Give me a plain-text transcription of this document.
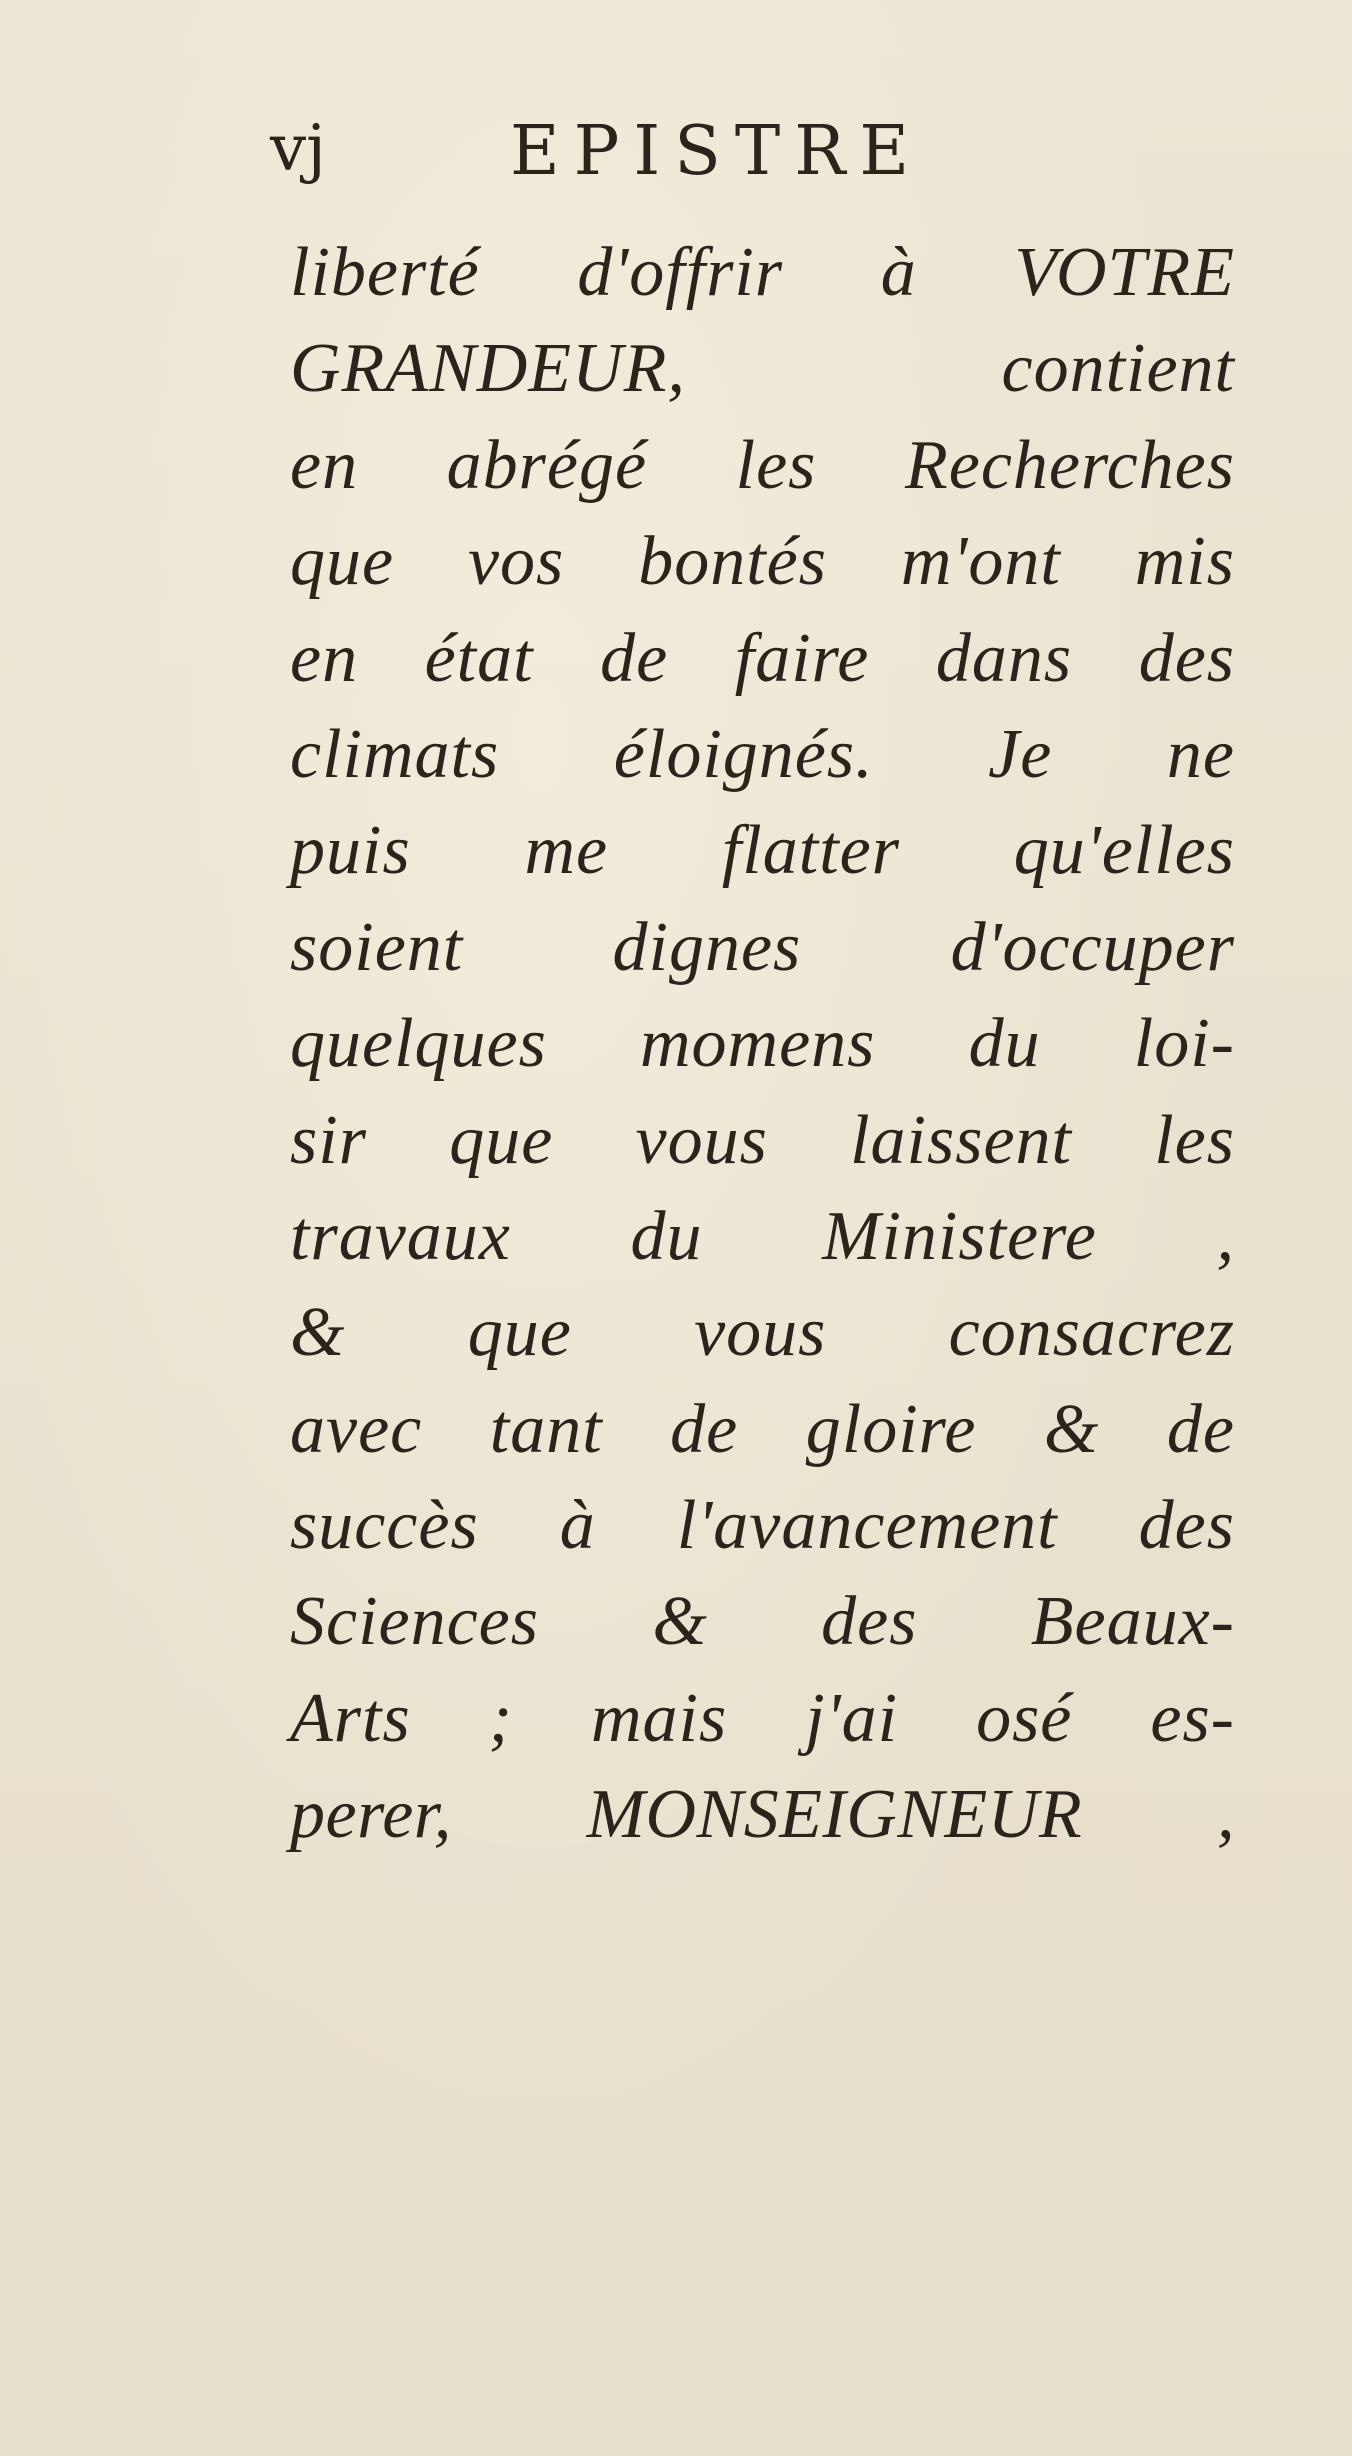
vj	EPISTRE
liberté d'offrir à VOTRE
GRANDEUR, contient
en abrégé les Recherches
que vos bontés m'ont mis
en état de faire dans des
climats éloignés. Je ne
puis me flatter qu'elles
soient dignes d'occuper
quelques momens du loi-
sir que vous laissent les
travaux du Ministere ,
& que vous consacrez
avec tant de gloire & de
succès à l'avancement des
Sciences & des Beaux-
Arts ; mais j'ai osé es-
perer, MONSEIGNEUR ,
